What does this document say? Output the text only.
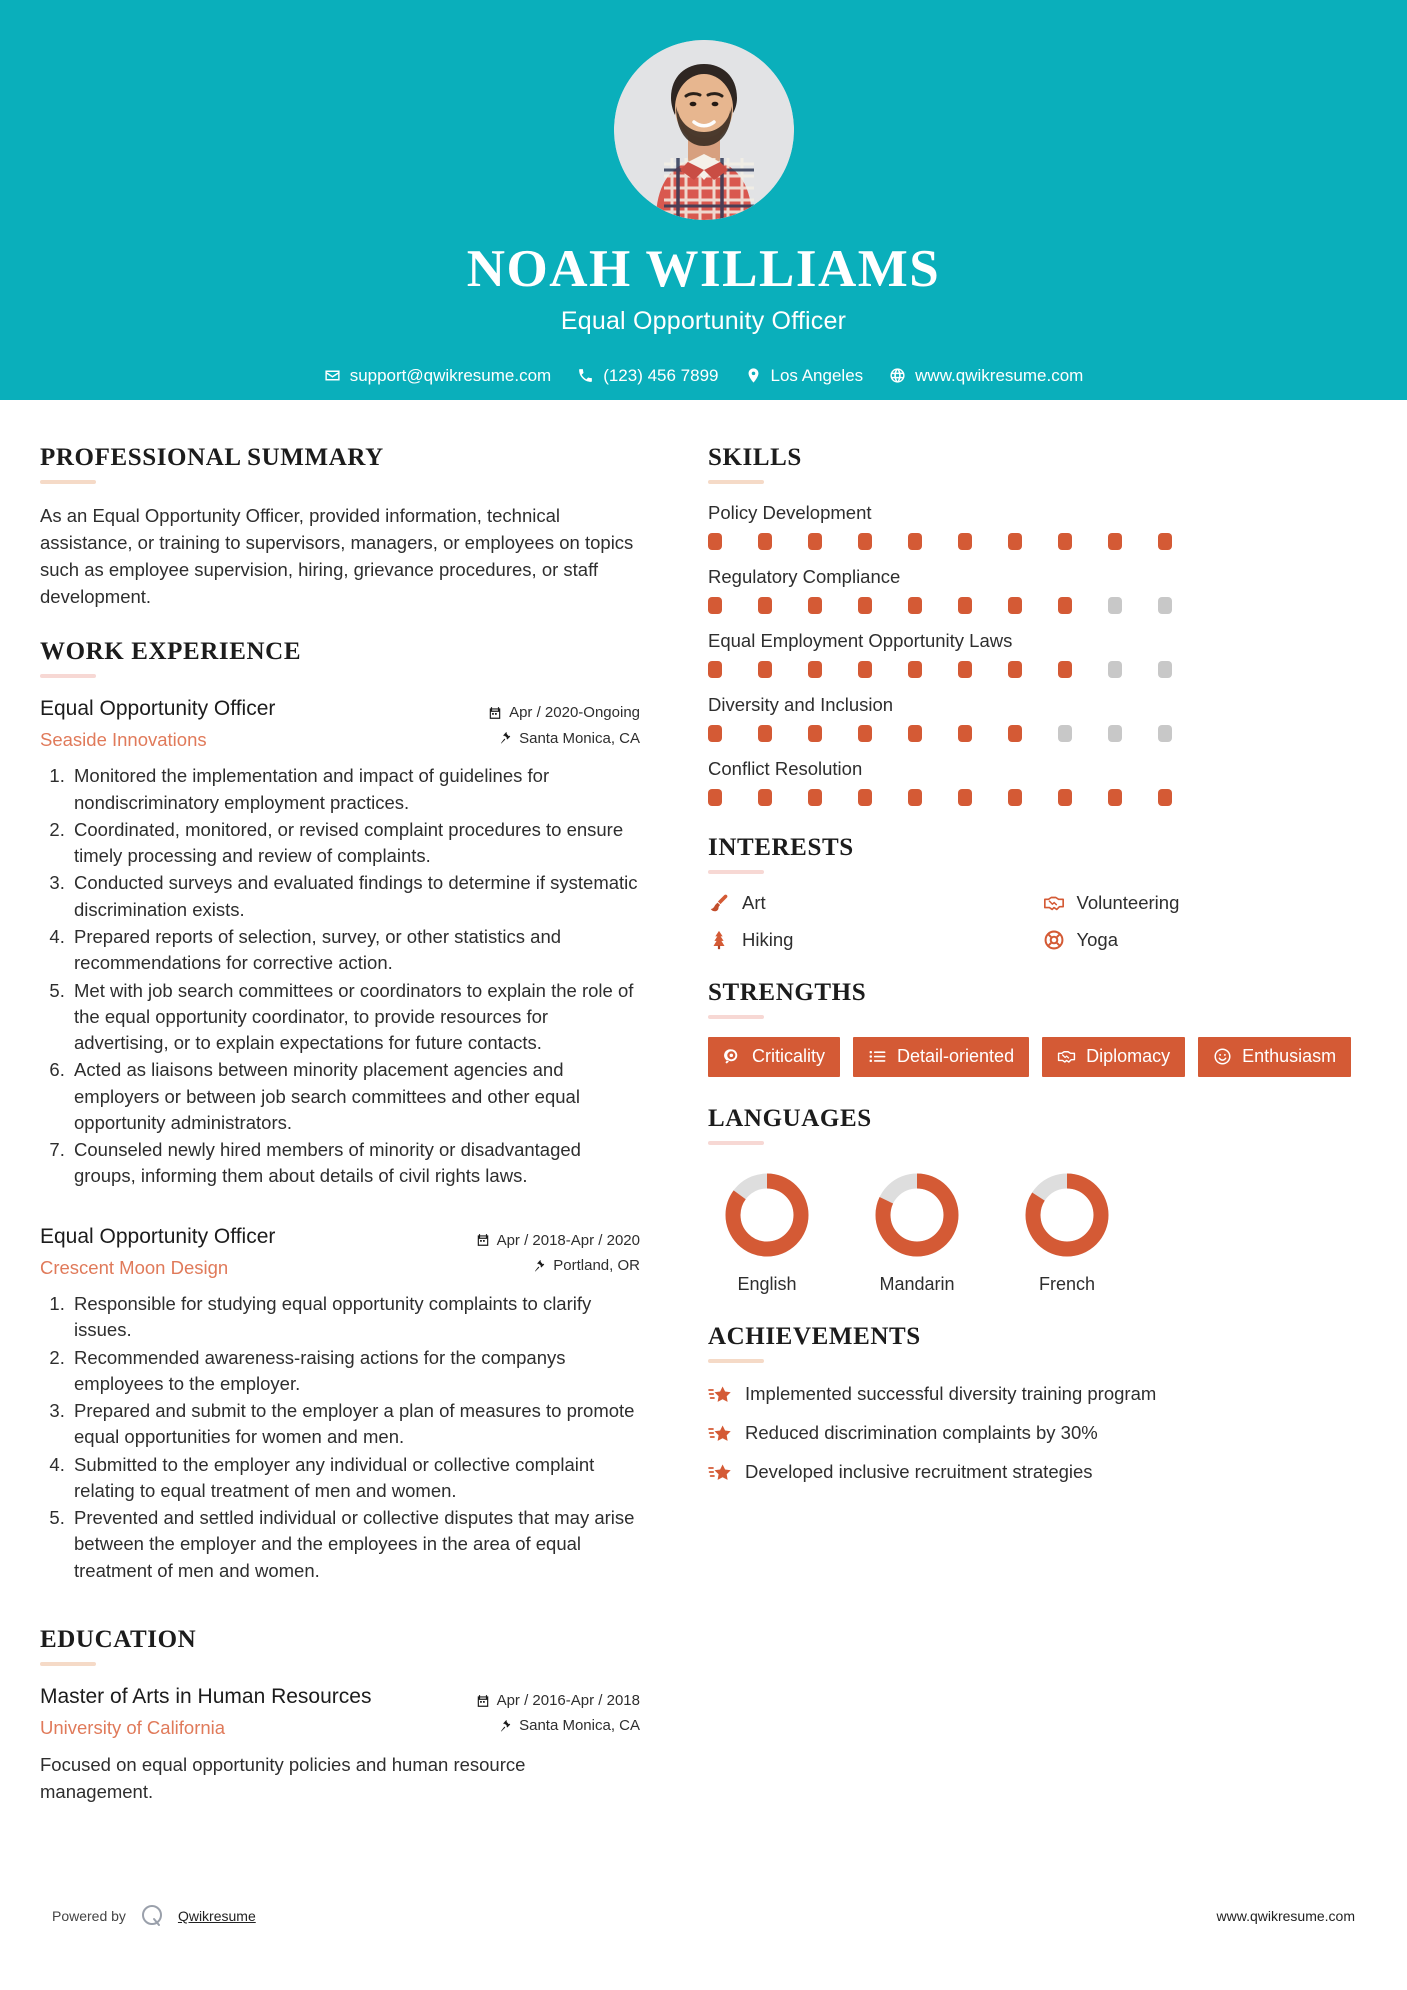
NOAH WILLIAMS
Equal Opportunity Officer
support@qwikresume.com	(123) 456 7899	Los Angeles	www.qwikresume.com
PROFESSIONAL SUMMARY
As an Equal Opportunity Officer, provided information, technical assistance, or training to supervisors, managers, or employees on topics such as employee supervision, hiring, grievance procedures, or staff development.
WORK EXPERIENCE
Equal Opportunity Officer
Seaside Innovations
Apr / 2020-Ongoing
Santa Monica, CA
1. Monitored the implementation and impact of guidelines for nondiscriminatory employment practices.
2. Coordinated, monitored, or revised complaint procedures to ensure timely processing and review of complaints.
3. Conducted surveys and evaluated findings to determine if systematic discrimination exists.
4. Prepared reports of selection, survey, or other statistics and recommendations for corrective action.
5. Met with job search committees or coordinators to explain the role of the equal opportunity coordinator, to provide resources for advertising, or to explain expectations for future contacts.
6. Acted as liaisons between minority placement agencies and employers or between job search committees and other equal opportunity administrators.
7. Counseled newly hired members of minority or disadvantaged groups, informing them about details of civil rights laws.
Equal Opportunity Officer
Crescent Moon Design
Apr / 2018-Apr / 2020
Portland, OR
1. Responsible for studying equal opportunity complaints to clarify issues.
2. Recommended awareness-raising actions for the companys employees to the employer.
3. Prepared and submit to the employer a plan of measures to promote equal opportunities for women and men.
4. Submitted to the employer any individual or collective complaint relating to equal treatment of men and women.
5. Prevented and settled individual or collective disputes that may arise between the employer and the employees in the area of equal treatment of men and women.
EDUCATION
Master of Arts in Human Resources
University of California
Apr / 2016-Apr / 2018
Santa Monica, CA
Focused on equal opportunity policies and human resource management.
SKILLS
Policy Development
Regulatory Compliance
Equal Employment Opportunity Laws
Diversity and Inclusion
Conflict Resolution
INTERESTS
Art	Volunteering
Hiking	Yoga
STRENGTHS
Criticality	Detail-oriented	Diplomacy	Enthusiasm
LANGUAGES
English	Mandarin	French
ACHIEVEMENTS
Implemented successful diversity training program
Reduced discrimination complaints by 30%
Developed inclusive recruitment strategies
Powered by	Qwikresume	www.qwikresume.com
